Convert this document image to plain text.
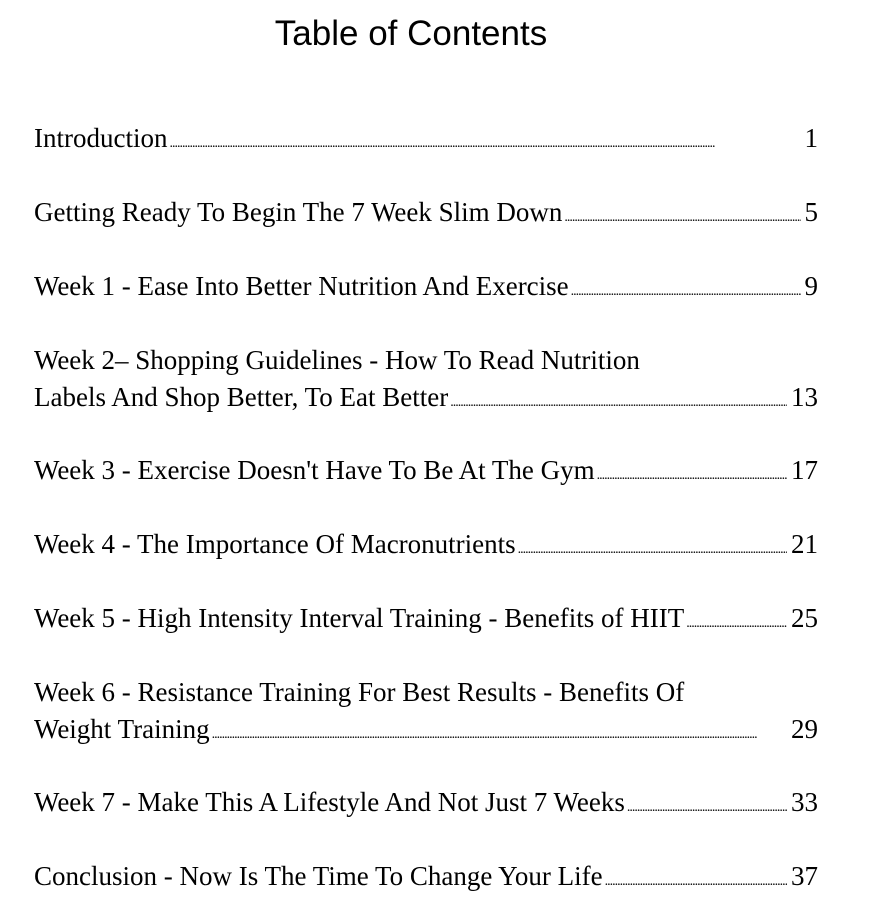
Table of Contents
Introduction .....	1
Getting Ready To Begin The 7 Week Slim Down .....	5
Week 1 - Ease Into Better Nutrition And Exercise .....	9
Week 2– Shopping Guidelines - How To Read Nutrition
Labels And Shop Better, To Eat Better .....	13
Week 3 - Exercise Doesn't Have To Be At The Gym .....	17
Week 4 - The Importance Of Macronutrients .....	21
Week 5 - High Intensity Interval Training - Benefits of HIIT .....	25
Week 6 - Resistance Training For Best Results - Benefits Of
Weight Training .....	29
Week 7 - Make This A Lifestyle And Not Just 7 Weeks .....	33
Conclusion - Now Is The Time To Change Your Life .....	37
